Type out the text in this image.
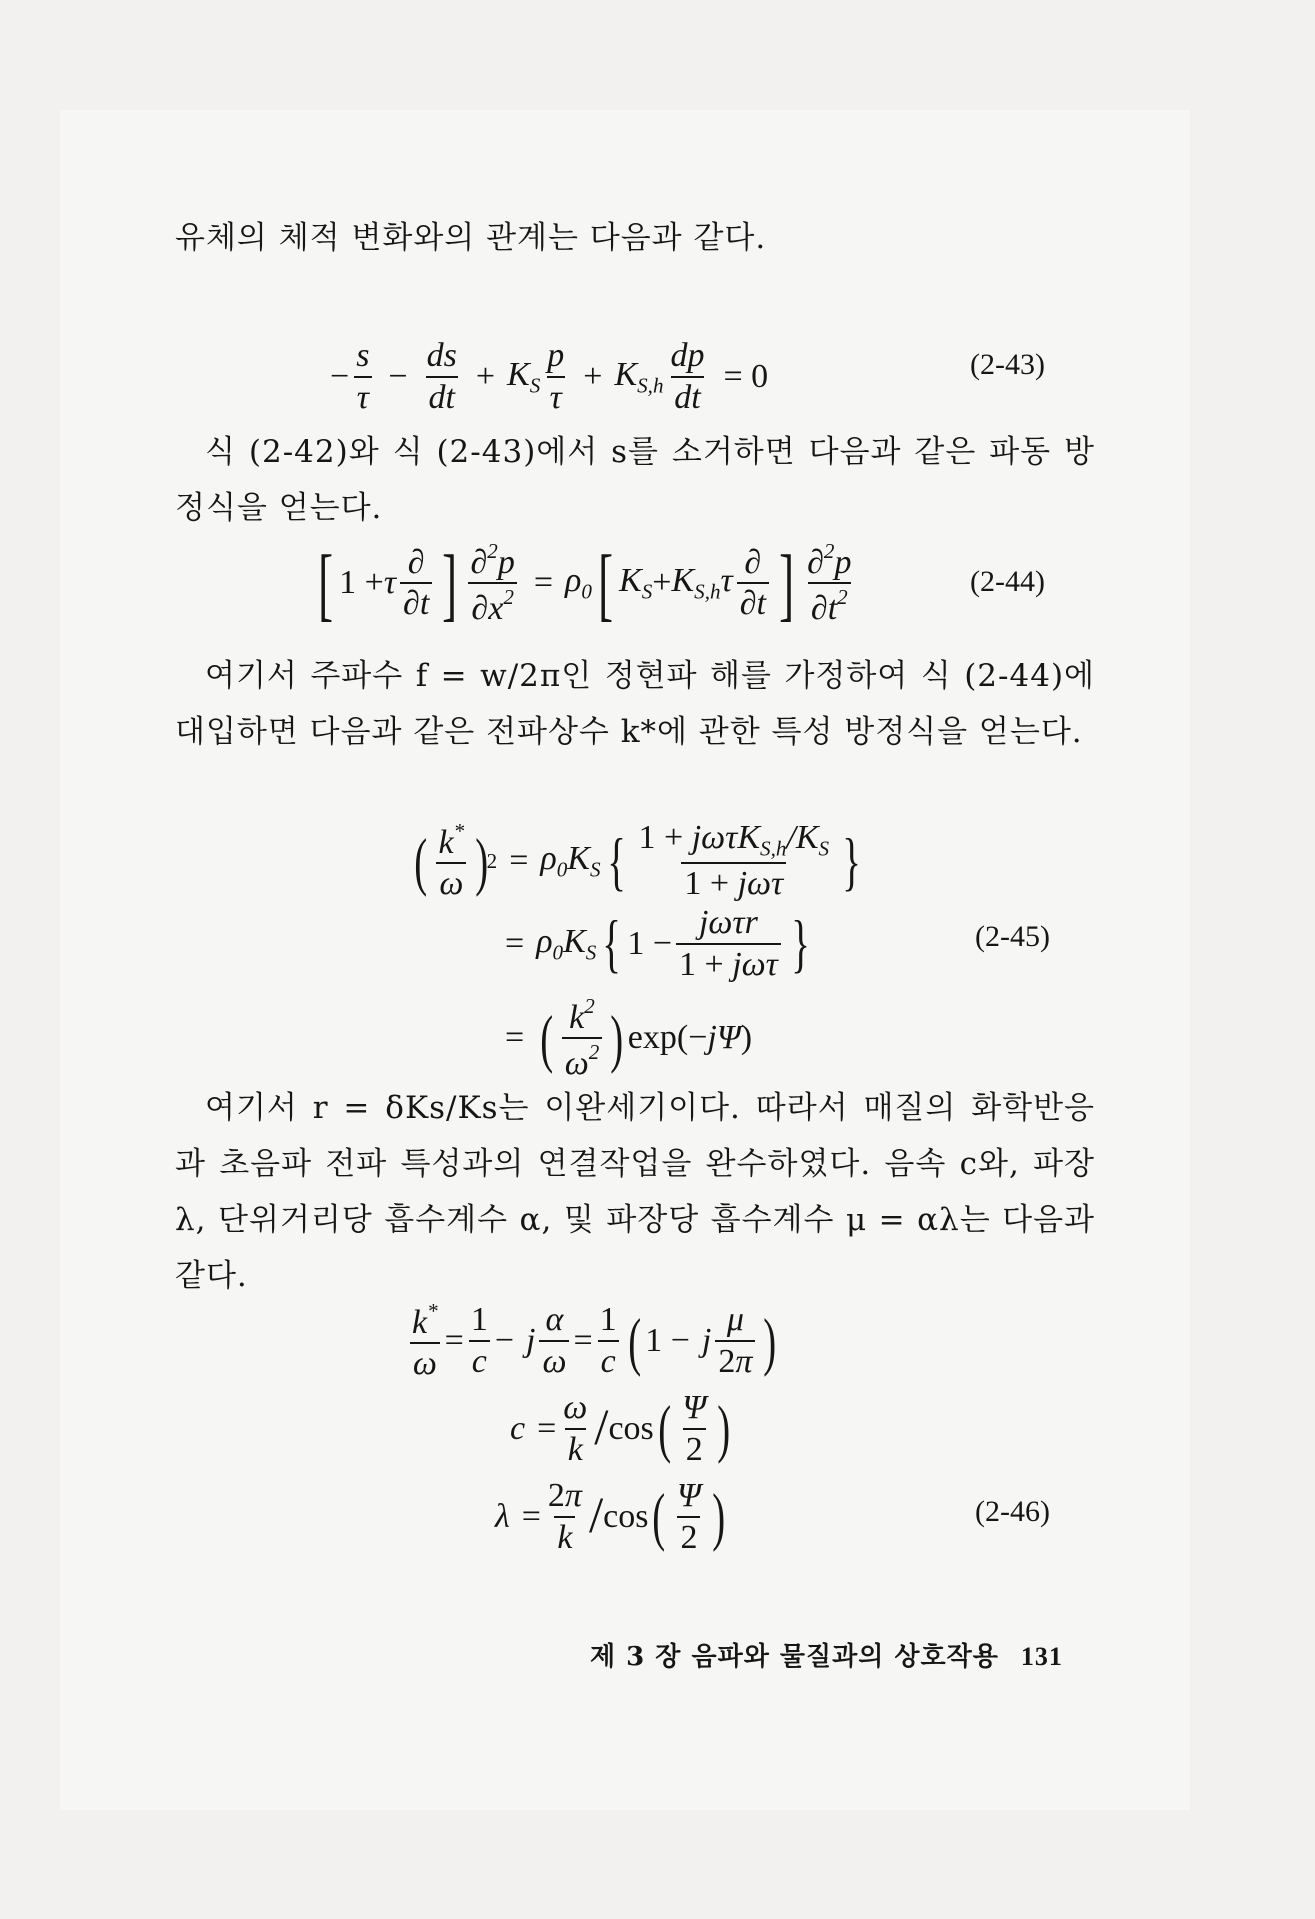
유체의 체적 변화와의 관계는 다음과 같다.

− $\frac{s}{\tau} - \frac{ds}{dt} + K_S \frac{p}{\tau} + K_{S,h} \frac{dp}{dt} = 0$	(2-43)

식 (2-42)와 식 (2-43)에서 s를 소거하면 다음과 같은 파동 방정식을 얻는다.

[ 1 + τ $\frac{\partial}{\partial t}$ ] $\frac{\partial^2p}{\partial x^2} = \rho_0$ [ $K_S + K_{S,h}\tau \frac{\partial}{\partial t}$ ] $\frac{\partial^2p}{\partial t^2}$	(2-44)

여기서 주파수 f = w/2π인 정현파 해를 가정하여 식 (2-44)에 대입하면 다음과 같은 전파상수 k*에 관한 특성 방정식을 얻는다.

( $\frac{k^*}{\omega}$ )
$2 = \rho_0K_S$ { $\frac{1 + j\omega\tau K_{S,h}/K_S}{\text{1 + jωτ}}$ }
= $\rho_0K_S$ { $1 - \frac{\text{jωτr}}{\text{1 + jωτ}}$ }	(2-45)
= ( $\frac{k^2}{\omega^2}$ ) exp(−jΨ)

여기서 r = δKs/Ks는 이완세기이다. 따라서 매질의 화학반응과 초음파 전파 특성과의 연결작업을 완수하였다. 음속 c와, 파장 λ, 단위거리당 흡수계수 α, 및 파장당 흡수계수 μ = αλ는 다음과 같다.

$\frac{k^*}{\omega} = \frac{1}{c} - j \frac{\alpha}{\omega} = \frac{1}{c}$ ( 1 − j $\frac{\mu}{2\pi}$ )
$c = \frac{\omega}{k} / \cos$ ( $\frac{\Psi}{2}$ )
$\lambda = \frac{2\pi}{k} / \cos$ ( $\frac{\Psi}{2}$ )	(2-46)
제 3 장 음파와 물질과의 상호작용 131
